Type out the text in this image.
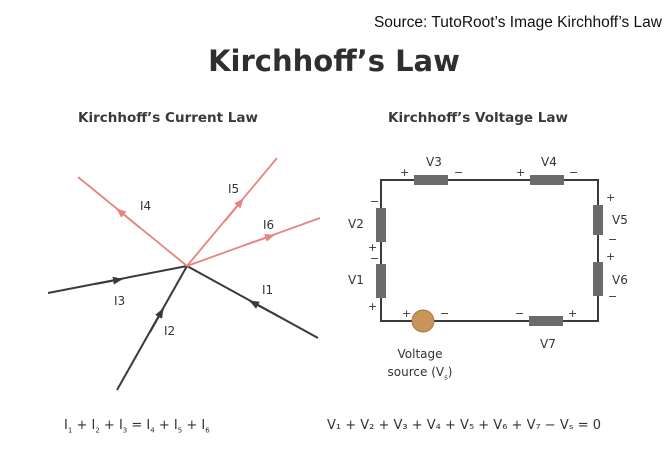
Source: TutoRoot’s Image Kirchhoff’s Law
Kirchhoff’s Law
Kirchhoff’s Current Law	Kirchhoff’s Voltage Law
I4
I5
I6
I3
I2
I1
+	−	+	−
−
+
−
+
+
−
+
−
+	−	−	+
V3	V4
V2
V1
V5
V6
V7
Voltage
source $(V_s)$
$I_1 + I_2 + I_3 = I_4 + I_5 + I_6$	V₁ + V₂ + V₃ + V₄ + V₅ + V₆ + V₇ − Vₛ = 0
